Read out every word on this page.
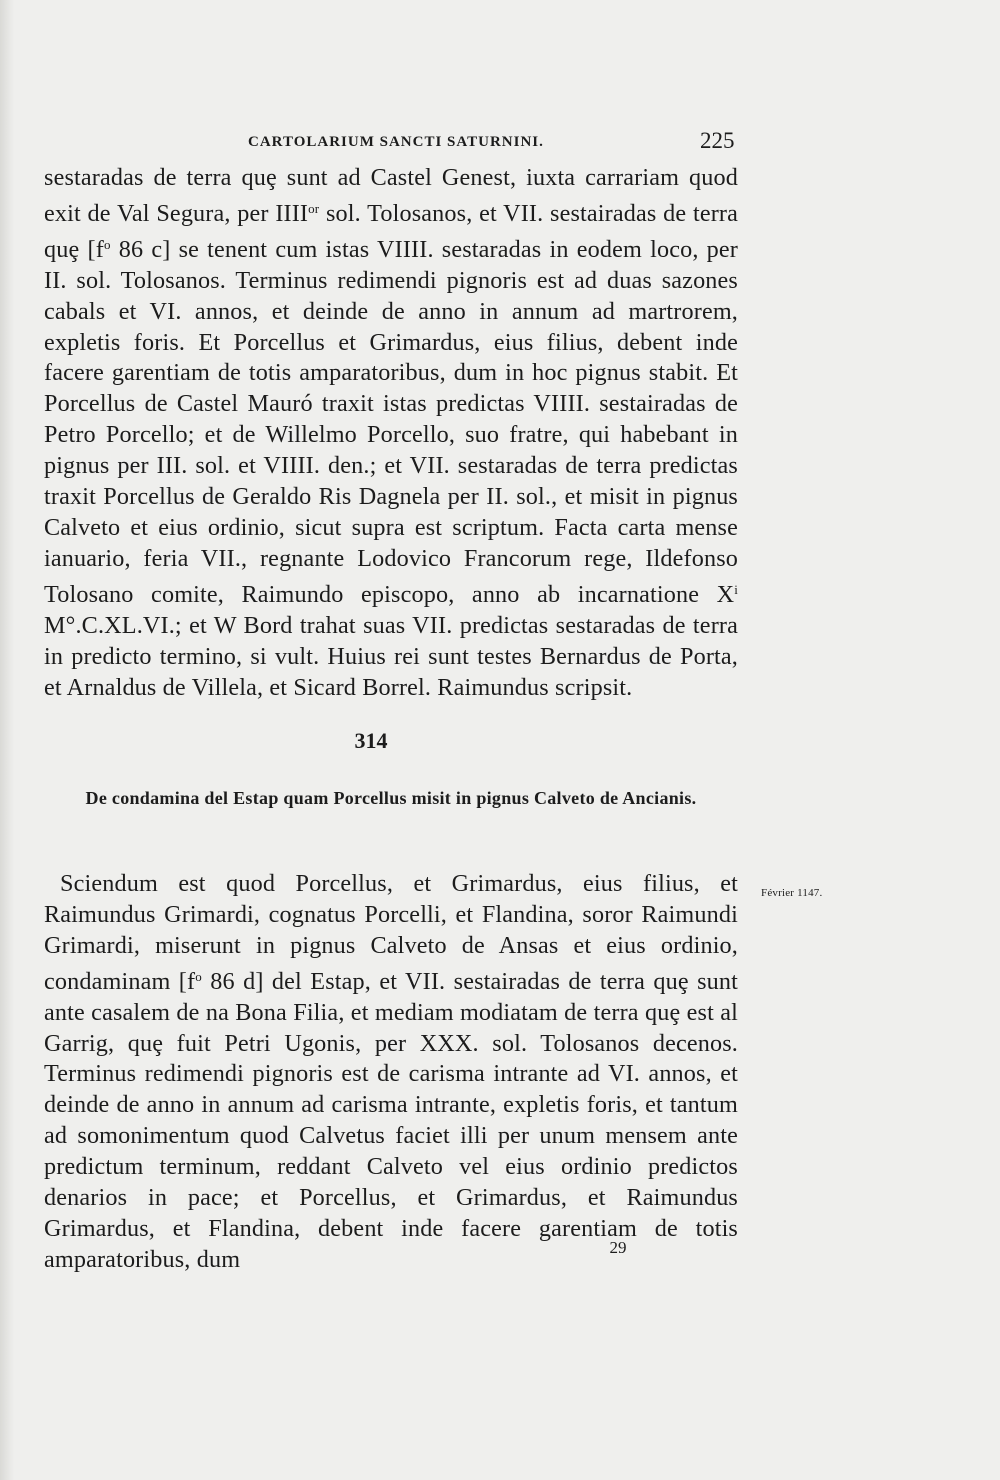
CARTOLARIUM SANCTI SATURNINI.	225

sestaradas de terra quȩ sunt ad Castel Genest, iuxta carrariam quod exit de Val Segura, per $IIII^{or}$ sol. Tolosanos, et VII. sestairadas de terra quȩ [$f^o$ 86 c] se tenent cum istas VIIII. sestaradas in eodem loco, per II. sol. Tolosanos. Terminus redimendi pignoris est ad duas sazones cabals et VI. annos, et deinde de anno in annum ad martrorem, expletis foris. Et Porcellus et Grimardus, eius filius, debent inde facere garentiam de totis amparatoribus, dum in hoc pignus stabit. Et Porcellus de Castel Mauró traxit istas predictas VIIII. sestairadas de Petro Porcello; et de Willelmo Porcello, suo fratre, qui habebant in pignus per III. sol. et VIIII. den.; et VII. sestaradas de terra predictas traxit Porcellus de Geraldo Ris Dagnela per II. sol., et misit in pignus Calveto et eius ordinio, sicut supra est scriptum. Facta carta mense ianuario, feria VII., regnante Lodovico Francorum rege, Ildefonso Tolosano comite, Raimundo episcopo, anno ab incarnatione $X^i$ M°.C.XL.VI.; et W Bord trahat suas VII. predictas sestaradas de terra in predicto termino, si vult. Huius rei sunt testes Bernardus de Porta, et Arnaldus de Villela, et Sicard Borrel. Raimundus scripsit.

314
De condamina del Estap quam Porcellus misit in pignus Calveto de Ancianis.
Février 1147.

Sciendum est quod Porcellus, et Grimardus, eius filius, et Raimundus Grimardi, cognatus Porcelli, et Flandina, soror Raimundi Grimardi, miserunt in pignus Calveto de Ansas et eius ordinio, condaminam [$f^o$ 86 d] del Estap, et VII. sestairadas de terra quȩ sunt ante casalem de na Bona Filia, et mediam modiatam de terra quȩ est al Garrig, quȩ fuit Petri Ugonis, per XXX. sol. Tolosanos decenos. Terminus redimendi pignoris est de carisma intrante ad VI. annos, et deinde de anno in annum ad carisma intrante, expletis foris, et tantum ad somonimentum quod Calvetus faciet illi per unum mensem ante predictum terminum, reddant Calveto vel eius ordinio predictos denarios in pace; et Porcellus, et Grimardus, et Raimundus Grimardus, et Flandina, debent inde facere garentiam de totis amparatoribus, dum	29
